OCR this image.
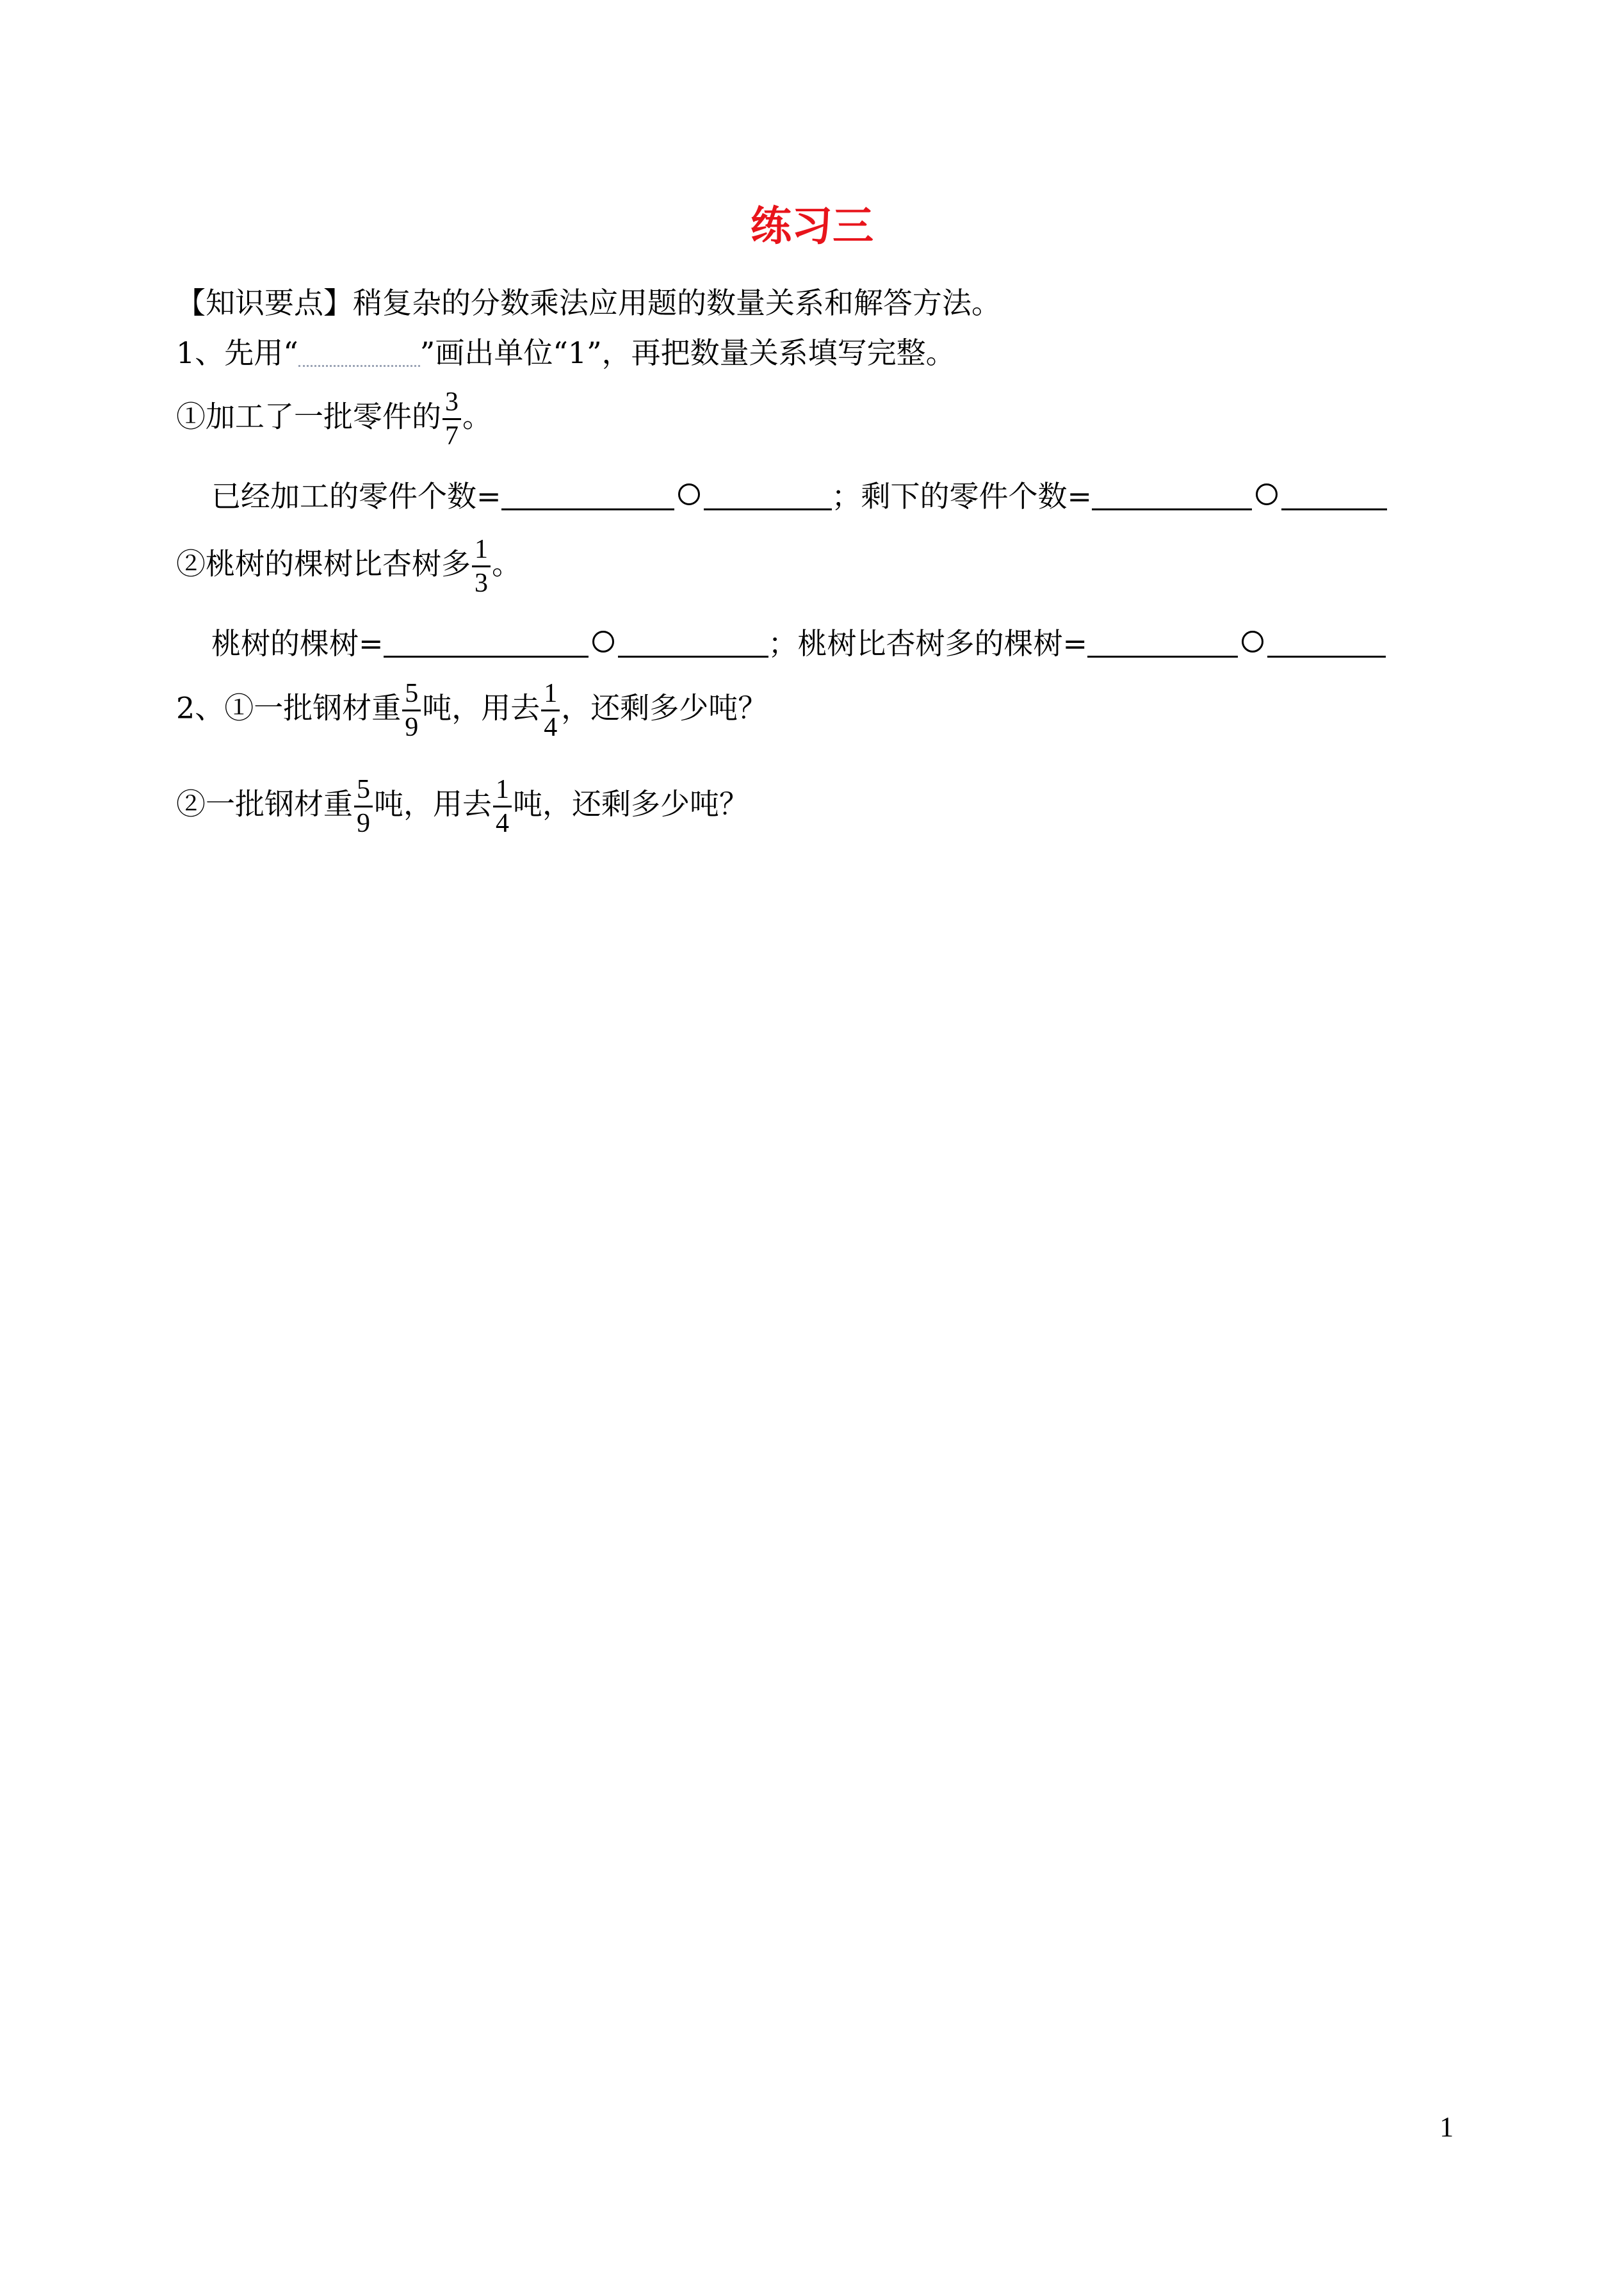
练习三
【知识要点】稍复杂的分数乘法应用题的数量关系和解答方法。
1、先用“	”画出单位“1”，再把数量关系填写完整。
①加工了一批零件的 $\frac{3}{7}$ 。
已经加工的零件个数=	；剩下的零件个数=
②桃树的棵树比杏树多 $\frac{1}{3}$ 。
桃树的棵树=	；桃树比杏树多的棵树=
2、①一批钢材重 $\frac{5}{9}$ 吨，用去 $\frac{1}{4}$ ，还剩多少吨？
②一批钢材重 $\frac{5}{9}$ 吨，用去 $\frac{1}{4}$ 吨，还剩多少吨？
1
